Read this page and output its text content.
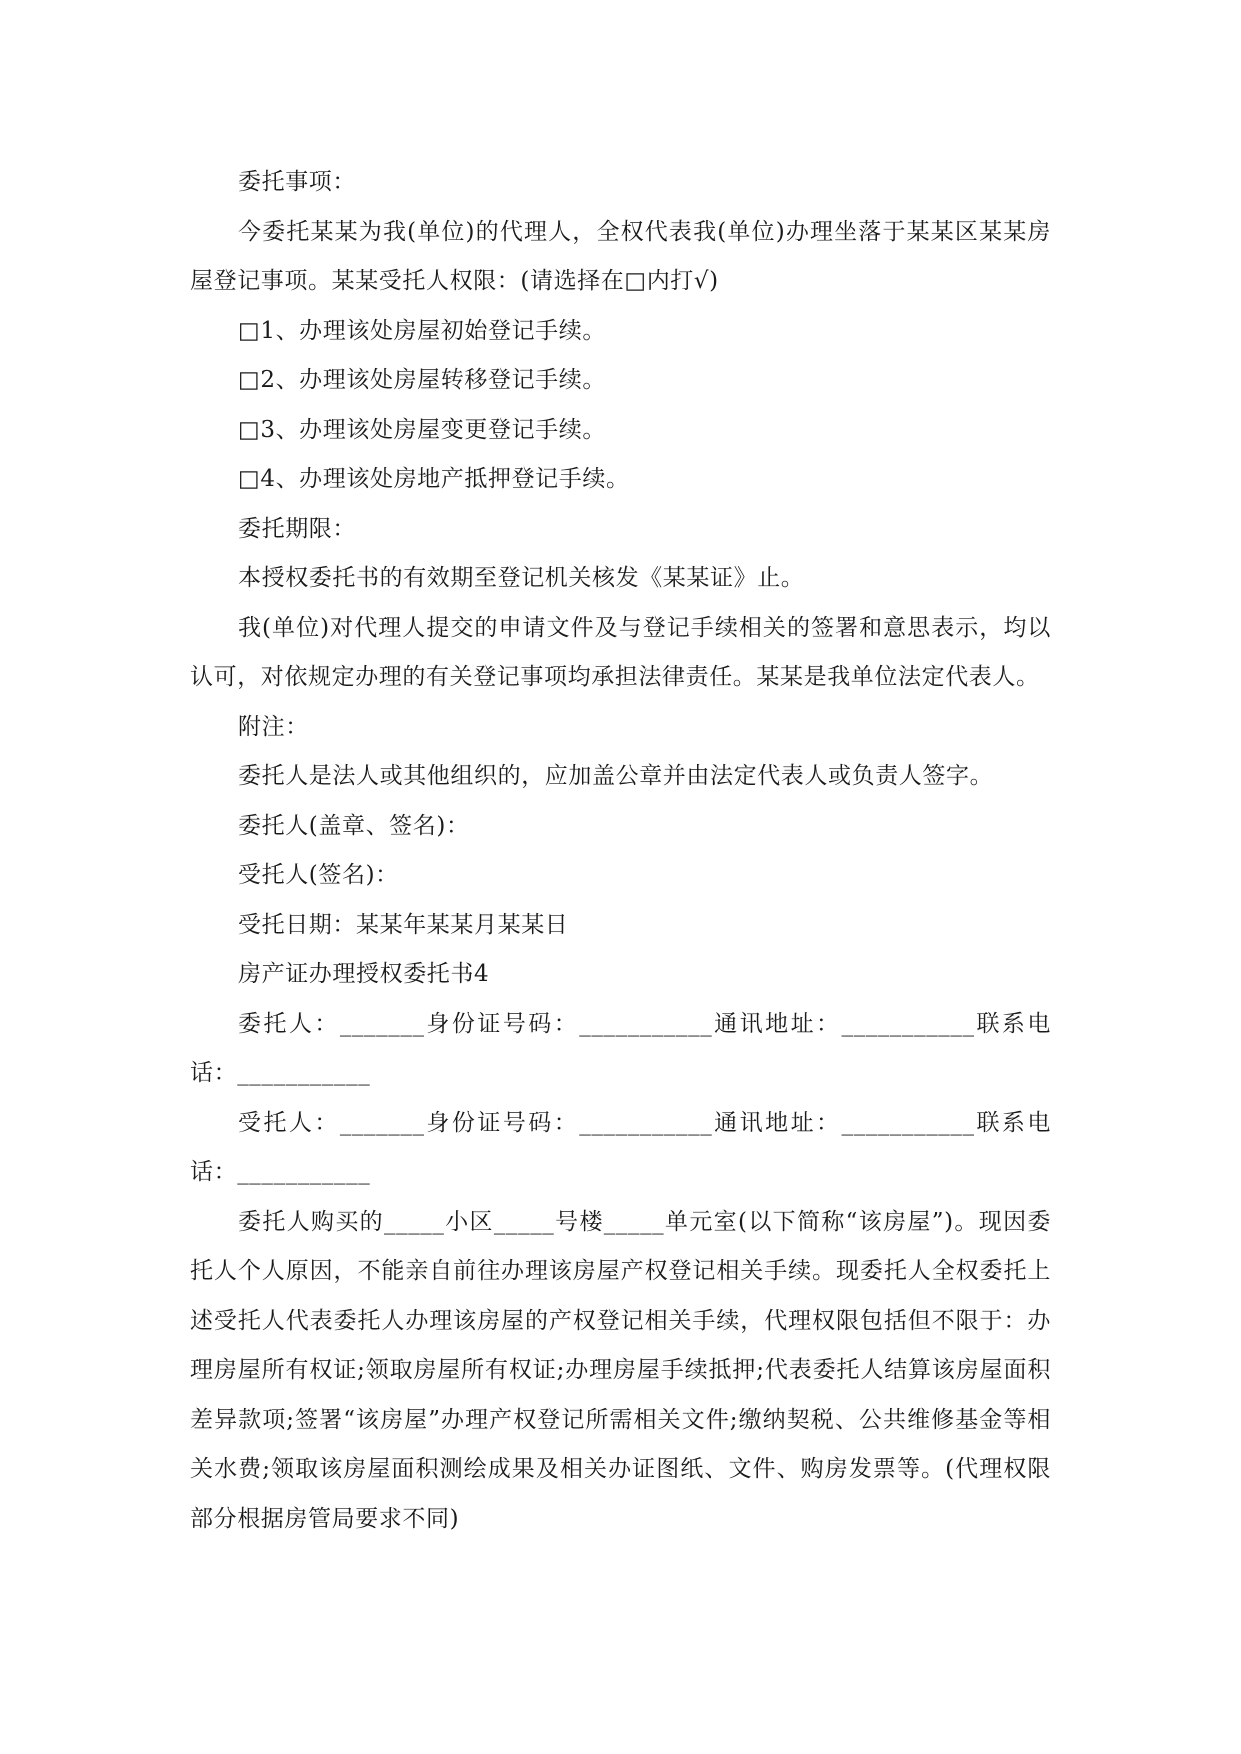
委托事项：

今委托某某为我(单位)的代理人，全权代表我(单位)办理坐落于某某区某某房屋登记事项。某某受托人权限：(请选择在□内打√)

□1、办理该处房屋初始登记手续。

□2、办理该处房屋转移登记手续。

□3、办理该处房屋变更登记手续。

□4、办理该处房地产抵押登记手续。

委托期限：

本授权委托书的有效期至登记机关核发《某某证》止。

我(单位)对代理人提交的申请文件及与登记手续相关的签署和意思表示，均以认可，对依规定办理的有关登记事项均承担法律责任。某某是我单位法定代表人。

附注：

委托人是法人或其他组织的，应加盖公章并由法定代表人或负责人签字。

委托人(盖章、签名)：

受托人(签名)：

受托日期：某某年某某月某某日

房产证办理授权委托书4

委托人：_______身份证号码：___________通讯地址：___________联系电话：___________

受托人：_______身份证号码：___________通讯地址：___________联系电话：___________

委托人购买的_____小区_____号楼_____单元室(以下简称“该房屋”)。现因委托人个人原因，不能亲自前往办理该房屋产权登记相关手续。现委托人全权委托上述受托人代表委托人办理该房屋的产权登记相关手续，代理权限包括但不限于：办理房屋所有权证;领取房屋所有权证;办理房屋手续抵押;代表委托人结算该房屋面积差异款项;签署“该房屋”办理产权登记所需相关文件;缴纳契税、公共维修基金等相关水费;领取该房屋面积测绘成果及相关办证图纸、文件、购房发票等。(代理权限部分根据房管局要求不同)
